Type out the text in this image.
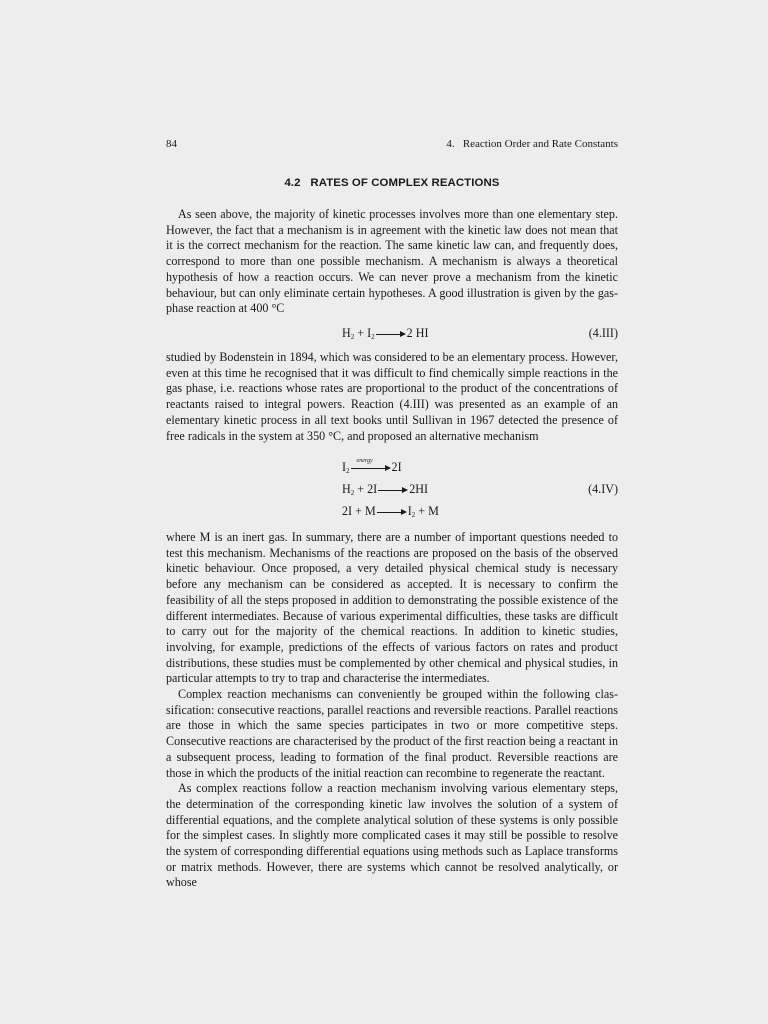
84	4.   Reaction Order and Rate Constants
4.2   RATES OF COMPLEX REACTIONS

As seen above, the majority of kinetic processes involves more than one elementary step. However, the fact that a mechanism is in agreement with the kinetic law does not mean that it is the correct mechanism for the reaction. The same kinetic law can, and frequently does, correspond to more than one possible mechanism. A mechanism is always a theoretical hypothesis of how a reaction occurs. We can never prove a mechanism from the kinetic behaviour, but can only eliminate certain hypotheses. A good illustration is given by the gas-phase reaction at 400 °C

$H_2 + I_2$	2 HI	(4.III)

studied by Bodenstein in 1894, which was considered to be an elementary process. However, even at this time he recognised that it was difficult to find chemically simple reactions in the gas phase, i.e. reactions whose rates are proportional to the product of the concentrations of reactants raised to integral powers. Reaction (4.III) was presented as an example of an elementary kinetic process in all text books until Sullivan in 1967 detected the presence of free radicals in the system at 350 °C, and proposed an alternative mechanism

$I_2$
energy 2I
$H_2 + 2I$	2HI
2I + M	$I_2 + M$
(4.IV)

where M is an inert gas. In summary, there are a number of important questions needed to test this mechanism. Mechanisms of the reactions are proposed on the basis of the observed kinetic behaviour. Once proposed, a very detailed physical chemical study is necessary before any mechanism can be considered as accepted. It is necessary to confirm the feasibility of all the steps proposed in addition to demonstrating the possible existence of the different intermediates. Because of various experimental difficulties, these tasks are difficult to carry out for the majority of the chemical reactions. In addition to kinetic studies, involving, for example, predictions of the effects of various factors on rates and product distributions, these studies must be complemented by other chemical and physical studies, in particular attempts to try to trap and characterise the intermediates.

Complex reaction mechanisms can conveniently be grouped within the following classification: consecutive reactions, parallel reactions and reversible reactions. Parallel reactions are those in which the same species participates in two or more competitive steps. Consecutive reactions are characterised by the product of the first reaction being a reactant in a subsequent process, leading to formation of the final product. Reversible reactions are those in which the products of the initial reaction can recombine to regenerate the reactant.

As complex reactions follow a reaction mechanism involving various elementary steps, the determination of the corresponding kinetic law involves the solution of a system of differential equations, and the complete analytical solution of these systems is only possible for the simplest cases. In slightly more complicated cases it may still be possible to resolve the system of corresponding differential equations using methods such as Laplace transforms or matrix methods. However, there are systems which cannot be resolved analytically, or whose
